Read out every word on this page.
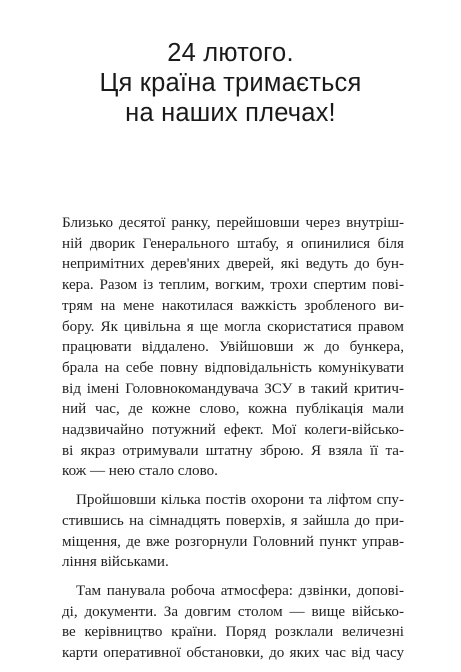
24 лютого.
Ця країна тримається
на наших плечах!

Близько десятої ранку, перейшовши через внутріш-
ній дворик Генерального штабу, я опинилися біля
непримітних дерев'яних дверей, які ведуть до бун-
кера. Разом із теплим, вогким, трохи спертим пові-
трям на мене накотилася важкість зробленого ви-
бору. Як цивільна я ще могла скористатися правом
працювати віддалено. Увійшовши ж до бункера,
брала на себе повну відповідальність комунікувати
від імені Головнокомандувача ЗСУ в такий критич-
ний час, де кожне слово, кожна публікація мали
надзвичайно потужний ефект. Мої колеги-військо-
ві якраз отримували штатну зброю. Я взяла її та-
кож — нею стало слово.

Пройшовши кілька постів охорони та ліфтом спу-
стившись на сімнадцять поверхів, я зайшла до при-
міщення, де вже розгорнули Головний пункт управ-
ління військами.

Там панувала робоча атмосфера: дзвінки, допові-
ді, документи. За довгим столом — вище військо-
ве керівництво країни. Поряд розклали величезні
карти оперативної обстановки, до яких час від часу
